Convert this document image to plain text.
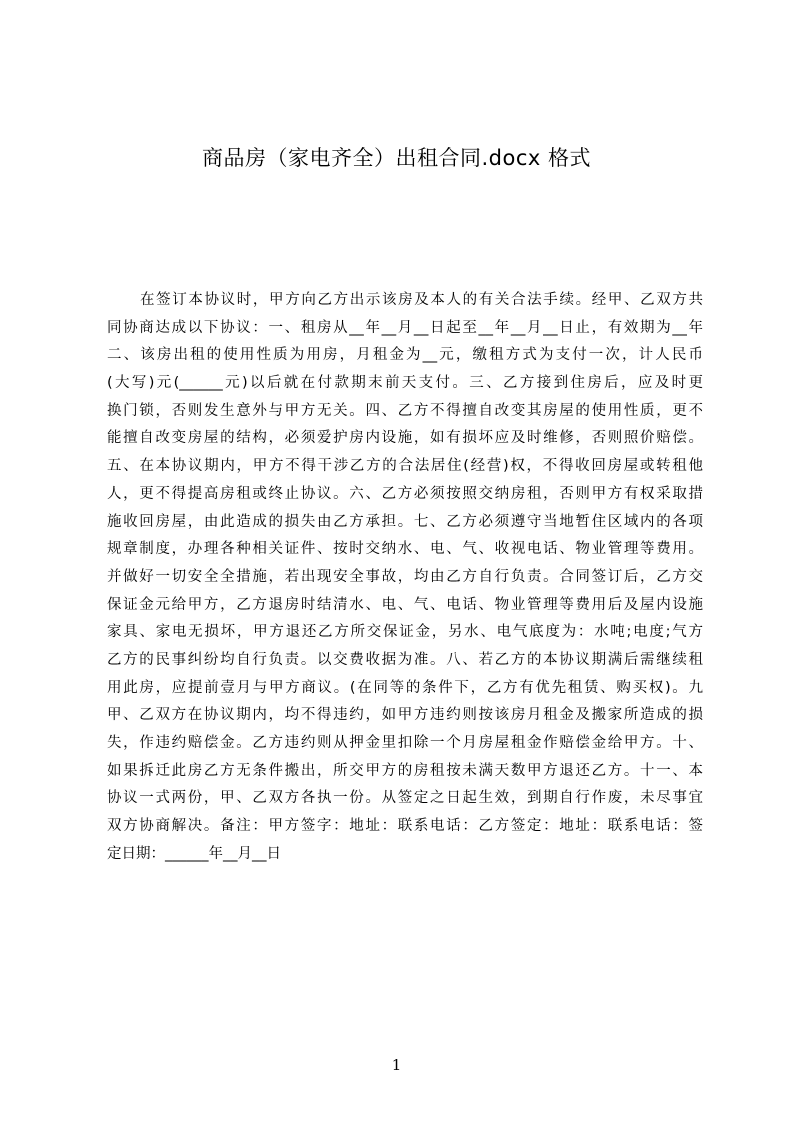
商品房（家电齐全）出租合同.docx 格式
在签订本协议时，甲方向乙方出示该房及本人的有关合法手续。经甲、乙双方共
同协商达成以下协议：一、租房从__年__月__日起至__年__月__日止，有效期为__年
二、该房出租的使用性质为用房，月租金为__元，缴租方式为支付一次，计人民币
(大写)元(______元)以后就在付款期末前天支付。三、乙方接到住房后，应及时更
换门锁，否则发生意外与甲方无关。四、乙方不得擅自改变其房屋的使用性质，更不
能擅自改变房屋的结构，必须爱护房内设施，如有损坏应及时维修，否则照价赔偿。
五、在本协议期内，甲方不得干涉乙方的合法居住(经营)权，不得收回房屋或转租他
人，更不得提高房租或终止协议。六、乙方必须按照交纳房租，否则甲方有权采取措
施收回房屋，由此造成的损失由乙方承担。七、乙方必须遵守当地暂住区域内的各项
规章制度，办理各种相关证件、按时交纳水、电、气、收视电话、物业管理等费用。
并做好一切安全全措施，若出现安全事故，均由乙方自行负责。合同签订后，乙方交
保证金元给甲方，乙方退房时结清水、电、气、电话、物业管理等费用后及屋内设施
家具、家电无损坏，甲方退还乙方所交保证金，另水、电气底度为：水吨;电度;气方
乙方的民事纠纷均自行负责。以交费收据为准。八、若乙方的本协议期满后需继续租
用此房，应提前壹月与甲方商议。(在同等的条件下，乙方有优先租赁、购买权)。九
甲、乙双方在协议期内，均不得违约，如甲方违约则按该房月租金及搬家所造成的损
失，作违约赔偿金。乙方违约则从押金里扣除一个月房屋租金作赔偿金给甲方。十、
如果拆迁此房乙方无条件搬出，所交甲方的房租按未满天数甲方退还乙方。十一、本
协议一式两份，甲、乙双方各执一份。从签定之日起生效，到期自行作废，未尽事宜
双方协商解决。备注：甲方签字：地址：联系电话：乙方签定：地址：联系电话：签
定日期：______年__月__日
1
